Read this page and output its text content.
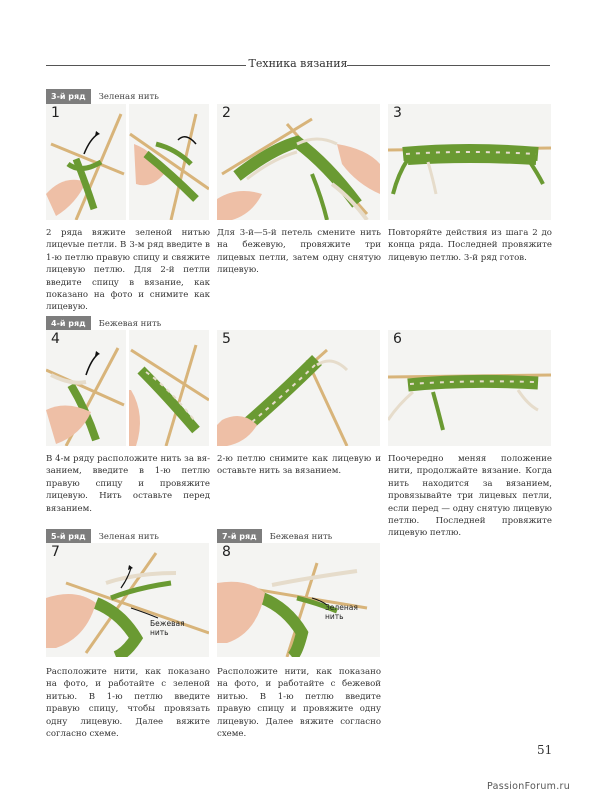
Техника вязания
3-й ряд	Зеленая нить
4-й ряд	Бежевая нить
5-й ряд	Зеленая нить	7-й ряд	Бежевая нить
1	2	3
4	5	6
7
Бежевая нить
8
Зеленая нить
2 ряда вяжите зеленой нитью лицеvые петли. В 3-м ряд введите в 1-ю петлю правую спицу и свяжите лицевую петлю. Для 2-й петли введите спицу в вязание, как показано на фото и снимите как лицевую.
Для 3-й—5-й петель смените нить на бежевую, провяжите три лицевых петли, затем одну снятую лицевую.
Повторяйте действия из шага 2 до конца ряда. Последней провяжите лицевую петлю. 3-й ряд готов.
В 4-м ряду расположите нить за вязанием, введите в 1-ю петлю правую спицу и провяжите лицевую. Нить оставьте перед вязанием.
2-ю петлю снимите как лицевую и оставьте нить за вязанием.
Поочередно меняя положение нити, продолжайте вязание. Когда нить находится за вязанием, провязывайте три лицевых петли, если перед — одну снятую лицевую петлю. Последней провяжите лицевую петлю.
Расположите нити, как показано на фото, и работайте с зеленой нитью. В 1-ю петлю введите правую спицу, чтобы провязать одну лицевую. Далее вяжите согласно схеме.
Расположите нити, как показано на фото, и работайте с бежевой нитью. В 1-ю петлю введите правую спицу и провяжите одну лицевую. Далее вяжите согласно схеме.
51
PassionForum.ru
